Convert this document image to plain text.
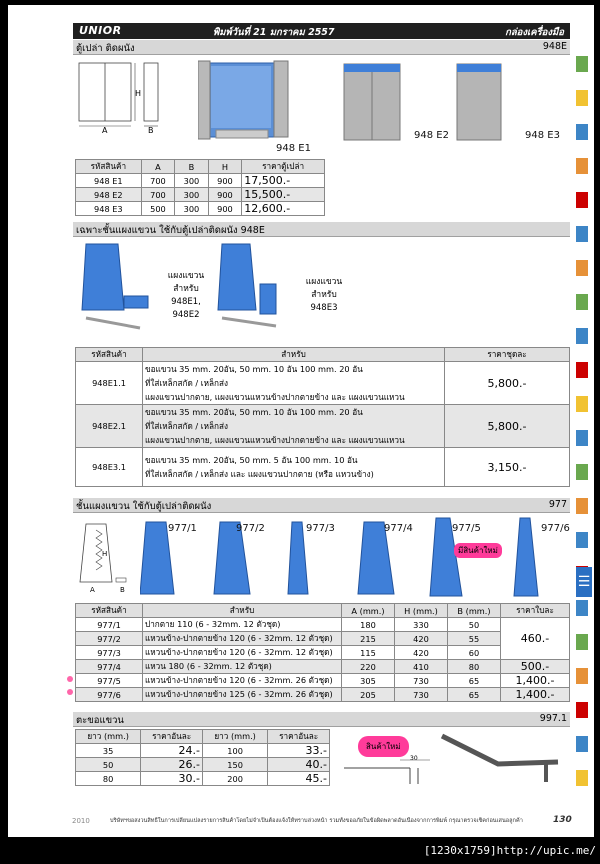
UNIOR	พิมพ์วันที่ 21 มกราคม 2557	กล่องเครื่องมือ
ตู้เปล่า ติดผนัง	948E
H
A	B
948 E1
948 E2	948 E3
รหัสสินค้า	A	B	H	ราคาตู้เปล่า
948 E1	700	300	900	17,500.-
948 E2	700	300	900	15,500.-
948 E3	500	300	900	12,600.-
เฉพาะชั้นแผงแขวน ใช้กับตู้เปล่าติดผนัง 948E
แผงแขวน
สำหรับ
948E1,
948E2
แผงแขวน
สำหรับ
948E3
รหัสสินค้า	สำหรับ	ราคาชุดละ
948E1.1	ขอแขวน 35 mm. 20อัน, 50 mm. 10 อัน 100 mm. 20 อัน
ที่ใส่เหล็กสกัด / เหล็กส่ง
แผงแขวนปากตาย, แผงแขวนแหวนข้างปากตายข้าง และ แผงแขวนแหวน	5,800.-
948E2.1	ขอแขวน 35 mm. 20อัน, 50 mm. 10 อัน 100 mm. 20 อัน
ที่ใส่เหล็กสกัด / เหล็กส่ง
แผงแขวนปากตาย, แผงแขวนแหวนข้างปากตายข้าง และ แผงแขวนแหวน	5,800.-
948E3.1	ขอแขวน 35 mm. 20อัน, 50 mm. 5 อัน 100 mm. 10 อัน
ที่ใส่เหล็กสกัด / เหล็กส่ง และ แผงแขวนปากตาย (หรือ แหวนข้าง)	3,150.-
ชั้นแผงแขวน ใช้กับตู้เปล่าติดผนัง	977
H
A	B
977/1	977/2	977/3	977/4	977/5	977/6
มีสินค้าใหม่
รหัสสินค้า	สำหรับ	A (mm.)	H (mm.)	B (mm.)	ราคาใบละ
977/1	ปากตาย 110 (6 - 32mm. 12 ตัวชุด)	180	330	50	460.-
977/2	แหวนข้าง-ปากตายข้าง 120 (6 - 32mm. 12 ตัวชุด)	215	420	55	
977/3	แหวนข้าง-ปากตายข้าง 120 (6 - 32mm. 12 ตัวชุด)	115	420	60	
977/4	แหวน 180 (6 - 32mm. 12 ตัวชุด)	220	410	80	500.-
977/5	แหวนข้าง-ปากตายข้าง 120 (6 - 32mm. 26 ตัวชุด)	305	730	65	1,400.-
977/6	แหวนข้าง-ปากตายข้าง 125 (6 - 32mm. 26 ตัวชุด)	205	730	65	1,400.-
ตะขอแขวน	997.1
ยาว (mm.)	ราคาอันละ	ยาว (mm.)	ราคาอันละ
35	24.-	100	33.-
50	26.-	150	40.-
80	30.-	200	45.-
สินค้าใหม่
30
☰
2010	บริษัทฯขอสงวนสิทธิ์ในการเปลี่ยนแปลงรายการสินค้าโดยไม่จำเป็นต้องแจ้งให้ทราบล่วงหน้า รวมทั้งขออภัยในข้อผิดพลาดอันเนื่องจากการพิมพ์ กรุณาตรวจเช็คก่อนเสนอลูกค้า	130
[1230x1759]http://upic.me/
